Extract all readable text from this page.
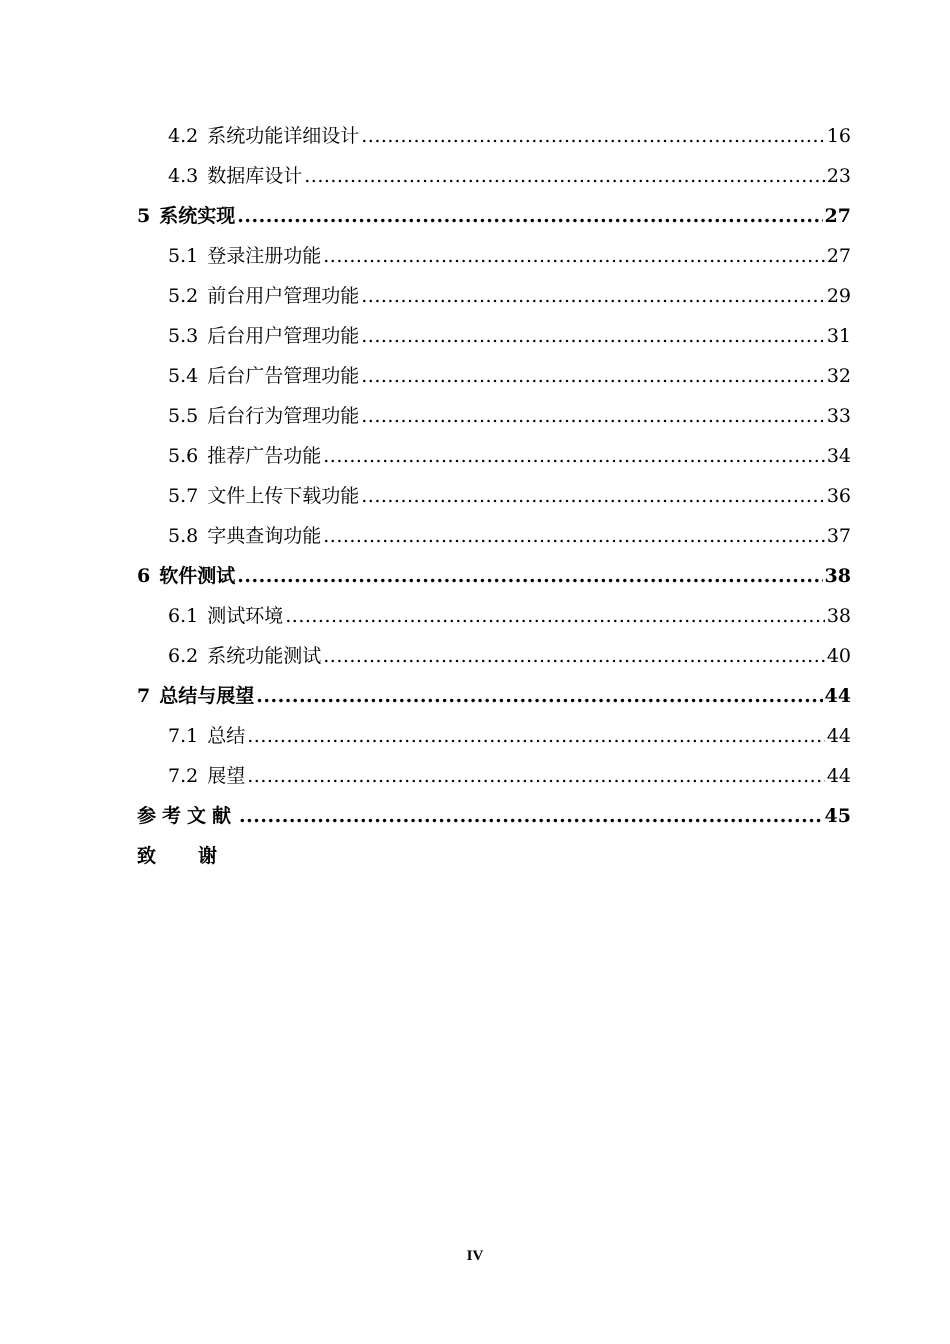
4.2 系统功能详细设计 .....	16
4.3 数据库设计 .....	23
5 系统实现 .....	27
5.1 登录注册功能 .....	27
5.2 前台用户管理功能 .....	29
5.3 后台用户管理功能 .....	31
5.4 后台广告管理功能 .....	32
5.5 后台行为管理功能 .....	33
5.6 推荐广告功能 .....	34
5.7 文件上传下载功能 .....	36
5.8 字典查询功能 .....	37
6 软件测试 .....	38
6.1 测试环境 .....	38
6.2 系统功能测试 .....	40
7 总结与展望 .....	44
7.1 总结 .....	44
7.2 展望 .....	44
参考文献 .....	45
致谢
IV
